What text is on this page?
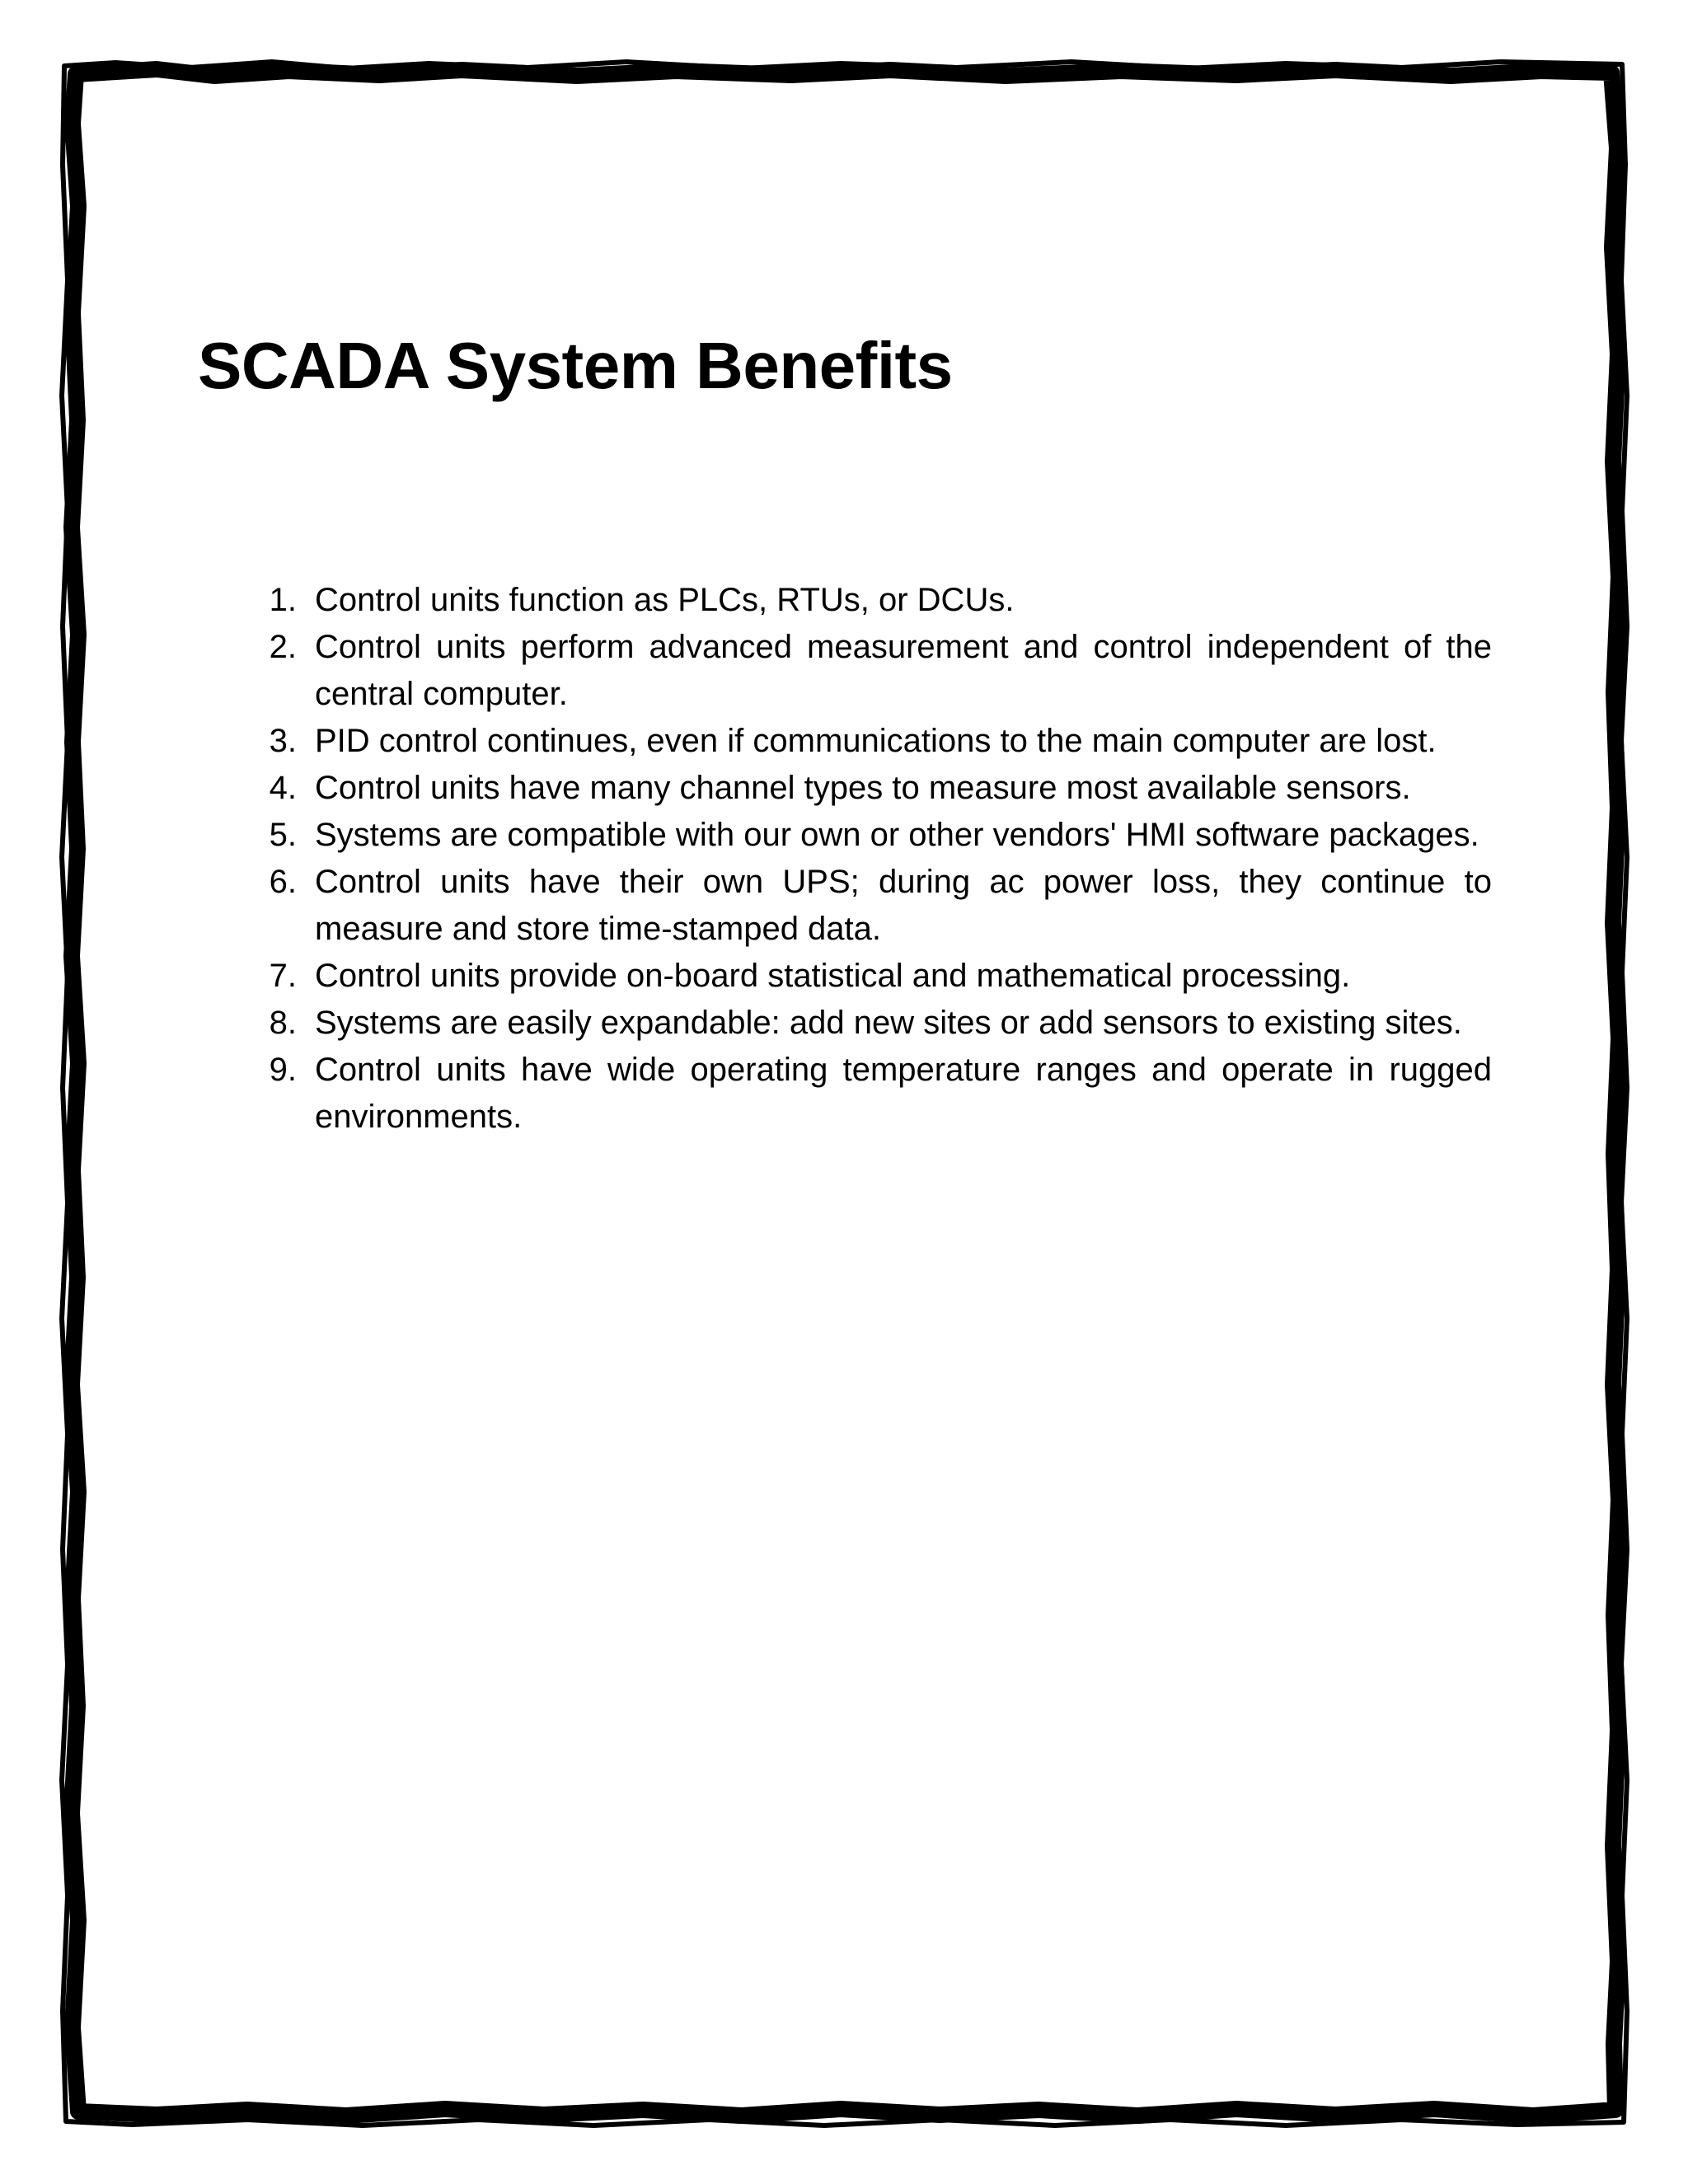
SCADA System Benefits
1. Control units function as PLCs, RTUs, or DCUs.
2. Control units perform advanced measurement and control independent of the central computer.
3. PID control continues, even if communications to the main computer are lost.
4. Control units have many channel types to measure most available sensors.
5. Systems are compatible with our own or other vendors' HMI software packages.
6. Control units have their own UPS; during ac power loss, they continue to measure and store time-stamped data.
7. Control units provide on-board statistical and mathematical processing.
8. Systems are easily expandable: add new sites or add sensors to existing sites.
9. Control units have wide operating temperature ranges and operate in rugged environments.
